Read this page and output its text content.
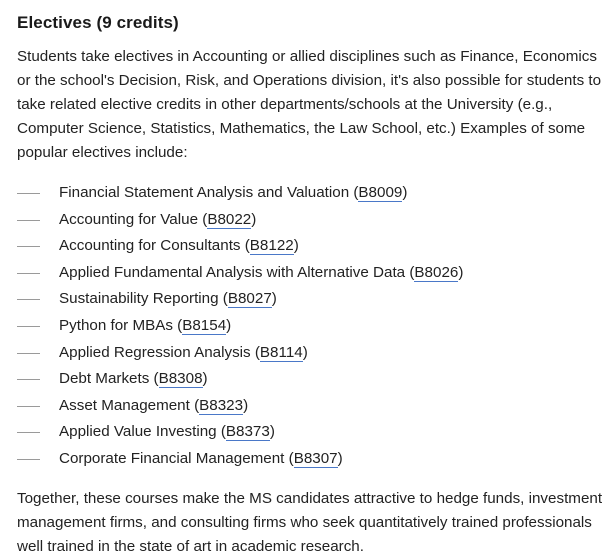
Electives (9 credits)

Students take electives in Accounting or allied disciplines such as Finance, Economics or the school's Decision, Risk, and Operations division, it's also possible for students to take related elective credits in other departments/schools at the University (e.g., Computer Science, Statistics, Mathematics, the Law School, etc.) Examples of some popular electives include:

Financial Statement Analysis and Valuation (B8009)
Accounting for Value (B8022)
Accounting for Consultants (B8122)
Applied Fundamental Analysis with Alternative Data (B8026)
Sustainability Reporting (B8027)
Python for MBAs (B8154)
Applied Regression Analysis (B8114)
Debt Markets (B8308)
Asset Management (B8323)
Applied Value Investing (B8373)
Corporate Financial Management (B8307)

Together, these courses make the MS candidates attractive to hedge funds, investment management firms, and consulting firms who seek quantitatively trained professionals well trained in the state of art in academic research.
